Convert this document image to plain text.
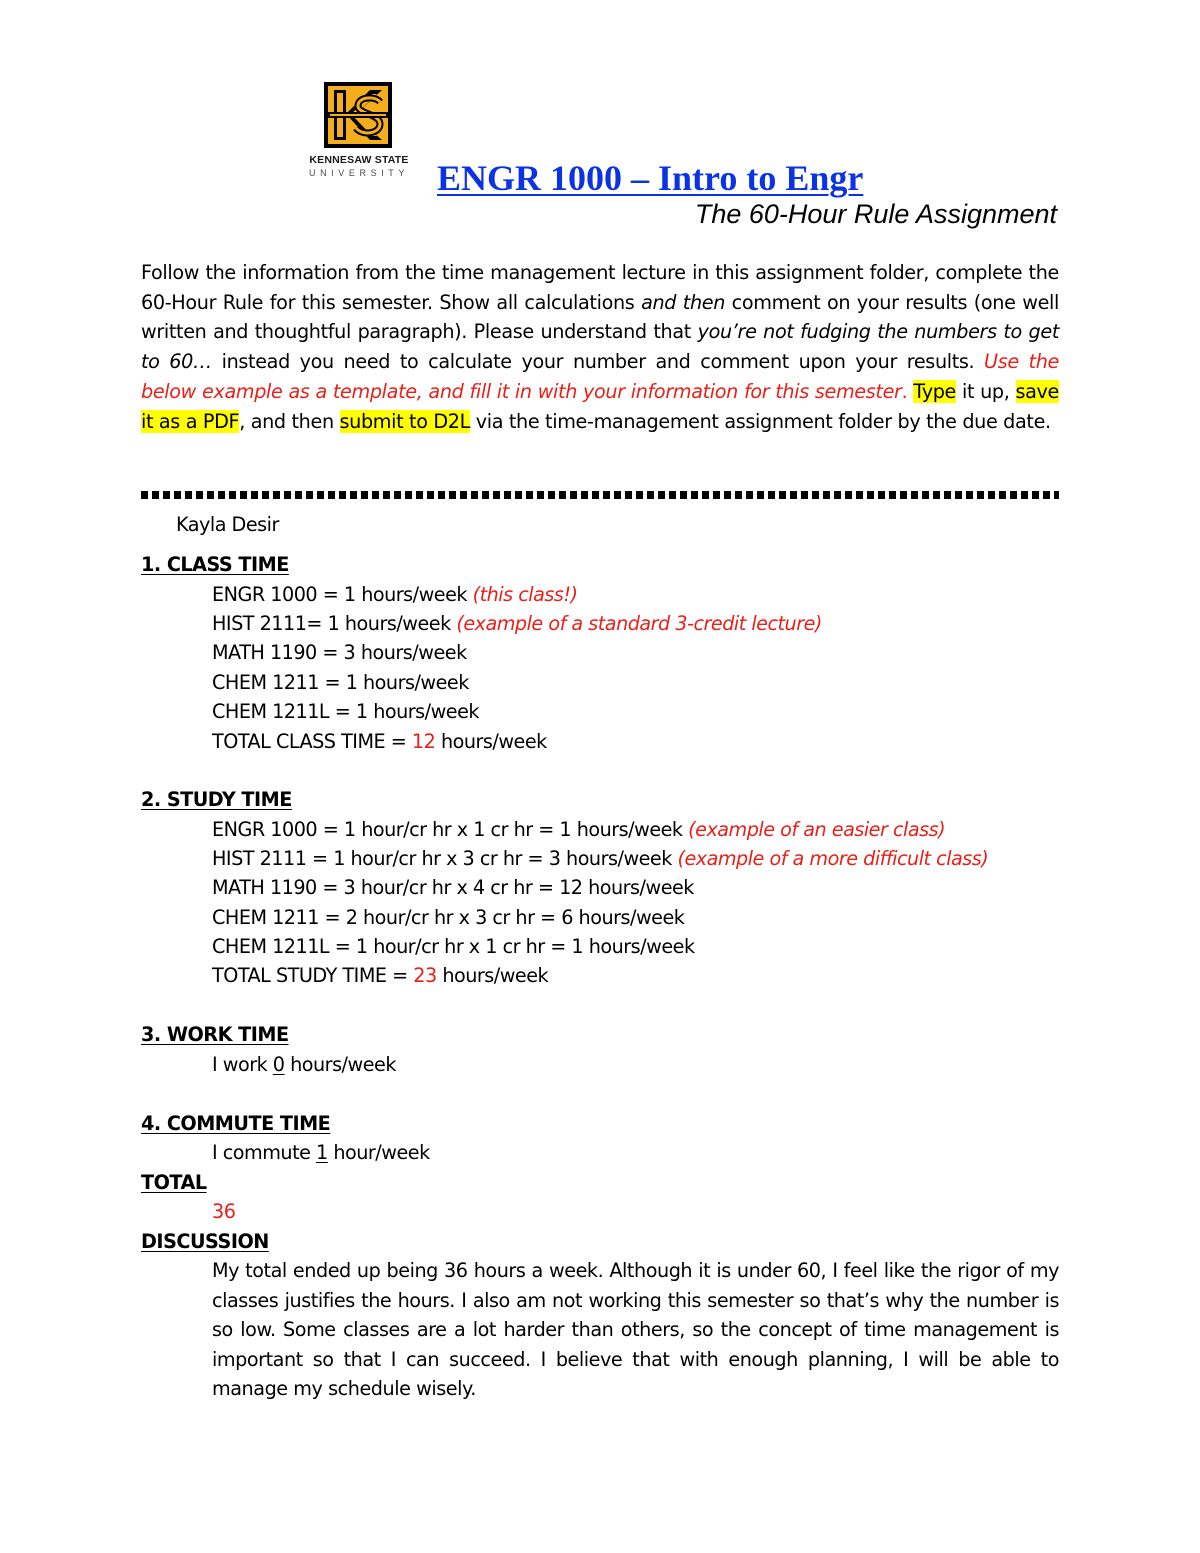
KENNESAW STATE
UNIVERSITY ENGR 1000 – Intro to Engr
The 60-Hour Rule Assignment
Follow the information from the time management lecture in this assignment folder, complete the 60-Hour Rule for this semester. Show all calculations and then comment on your results (one well written and thoughtful paragraph). Please understand that you’re not fudging the numbers to get to 60… instead you need to calculate your number and comment upon your results. Use the below example as a template, and fill it in with your information for this semester. Type it up, save it as a PDF, and then submit to D2L via the time-management assignment folder by the due date.
Kayla Desir
1. CLASS TIME
ENGR 1000 = 1 hours/week (this class!)
HIST 2111= 1 hours/week (example of a standard 3-credit lecture)
MATH 1190 = 3 hours/week
CHEM 1211 = 1 hours/week
CHEM 1211L = 1 hours/week
TOTAL CLASS TIME = 12 hours/week
2. STUDY TIME
ENGR 1000 = 1 hour/cr hr x 1 cr hr = 1 hours/week (example of an easier class)
HIST 2111 = 1 hour/cr hr x 3 cr hr = 3 hours/week (example of a more difficult class)
MATH 1190 = 3 hour/cr hr x 4 cr hr = 12 hours/week
CHEM 1211 = 2 hour/cr hr x 3 cr hr = 6 hours/week
CHEM 1211L = 1 hour/cr hr x 1 cr hr = 1 hours/week
TOTAL STUDY TIME = 23 hours/week
3. WORK TIME
I work 0 hours/week
4. COMMUTE TIME
I commute 1 hour/week
TOTAL
36
DISCUSSION
My total ended up being 36 hours a week. Although it is under 60, I feel like the rigor of my classes justifies the hours. I also am not working this semester so that’s why the number is so low. Some classes are a lot harder than others, so the concept of time management is important so that I can succeed. I believe that with enough planning, I will be able to manage my schedule wisely.
